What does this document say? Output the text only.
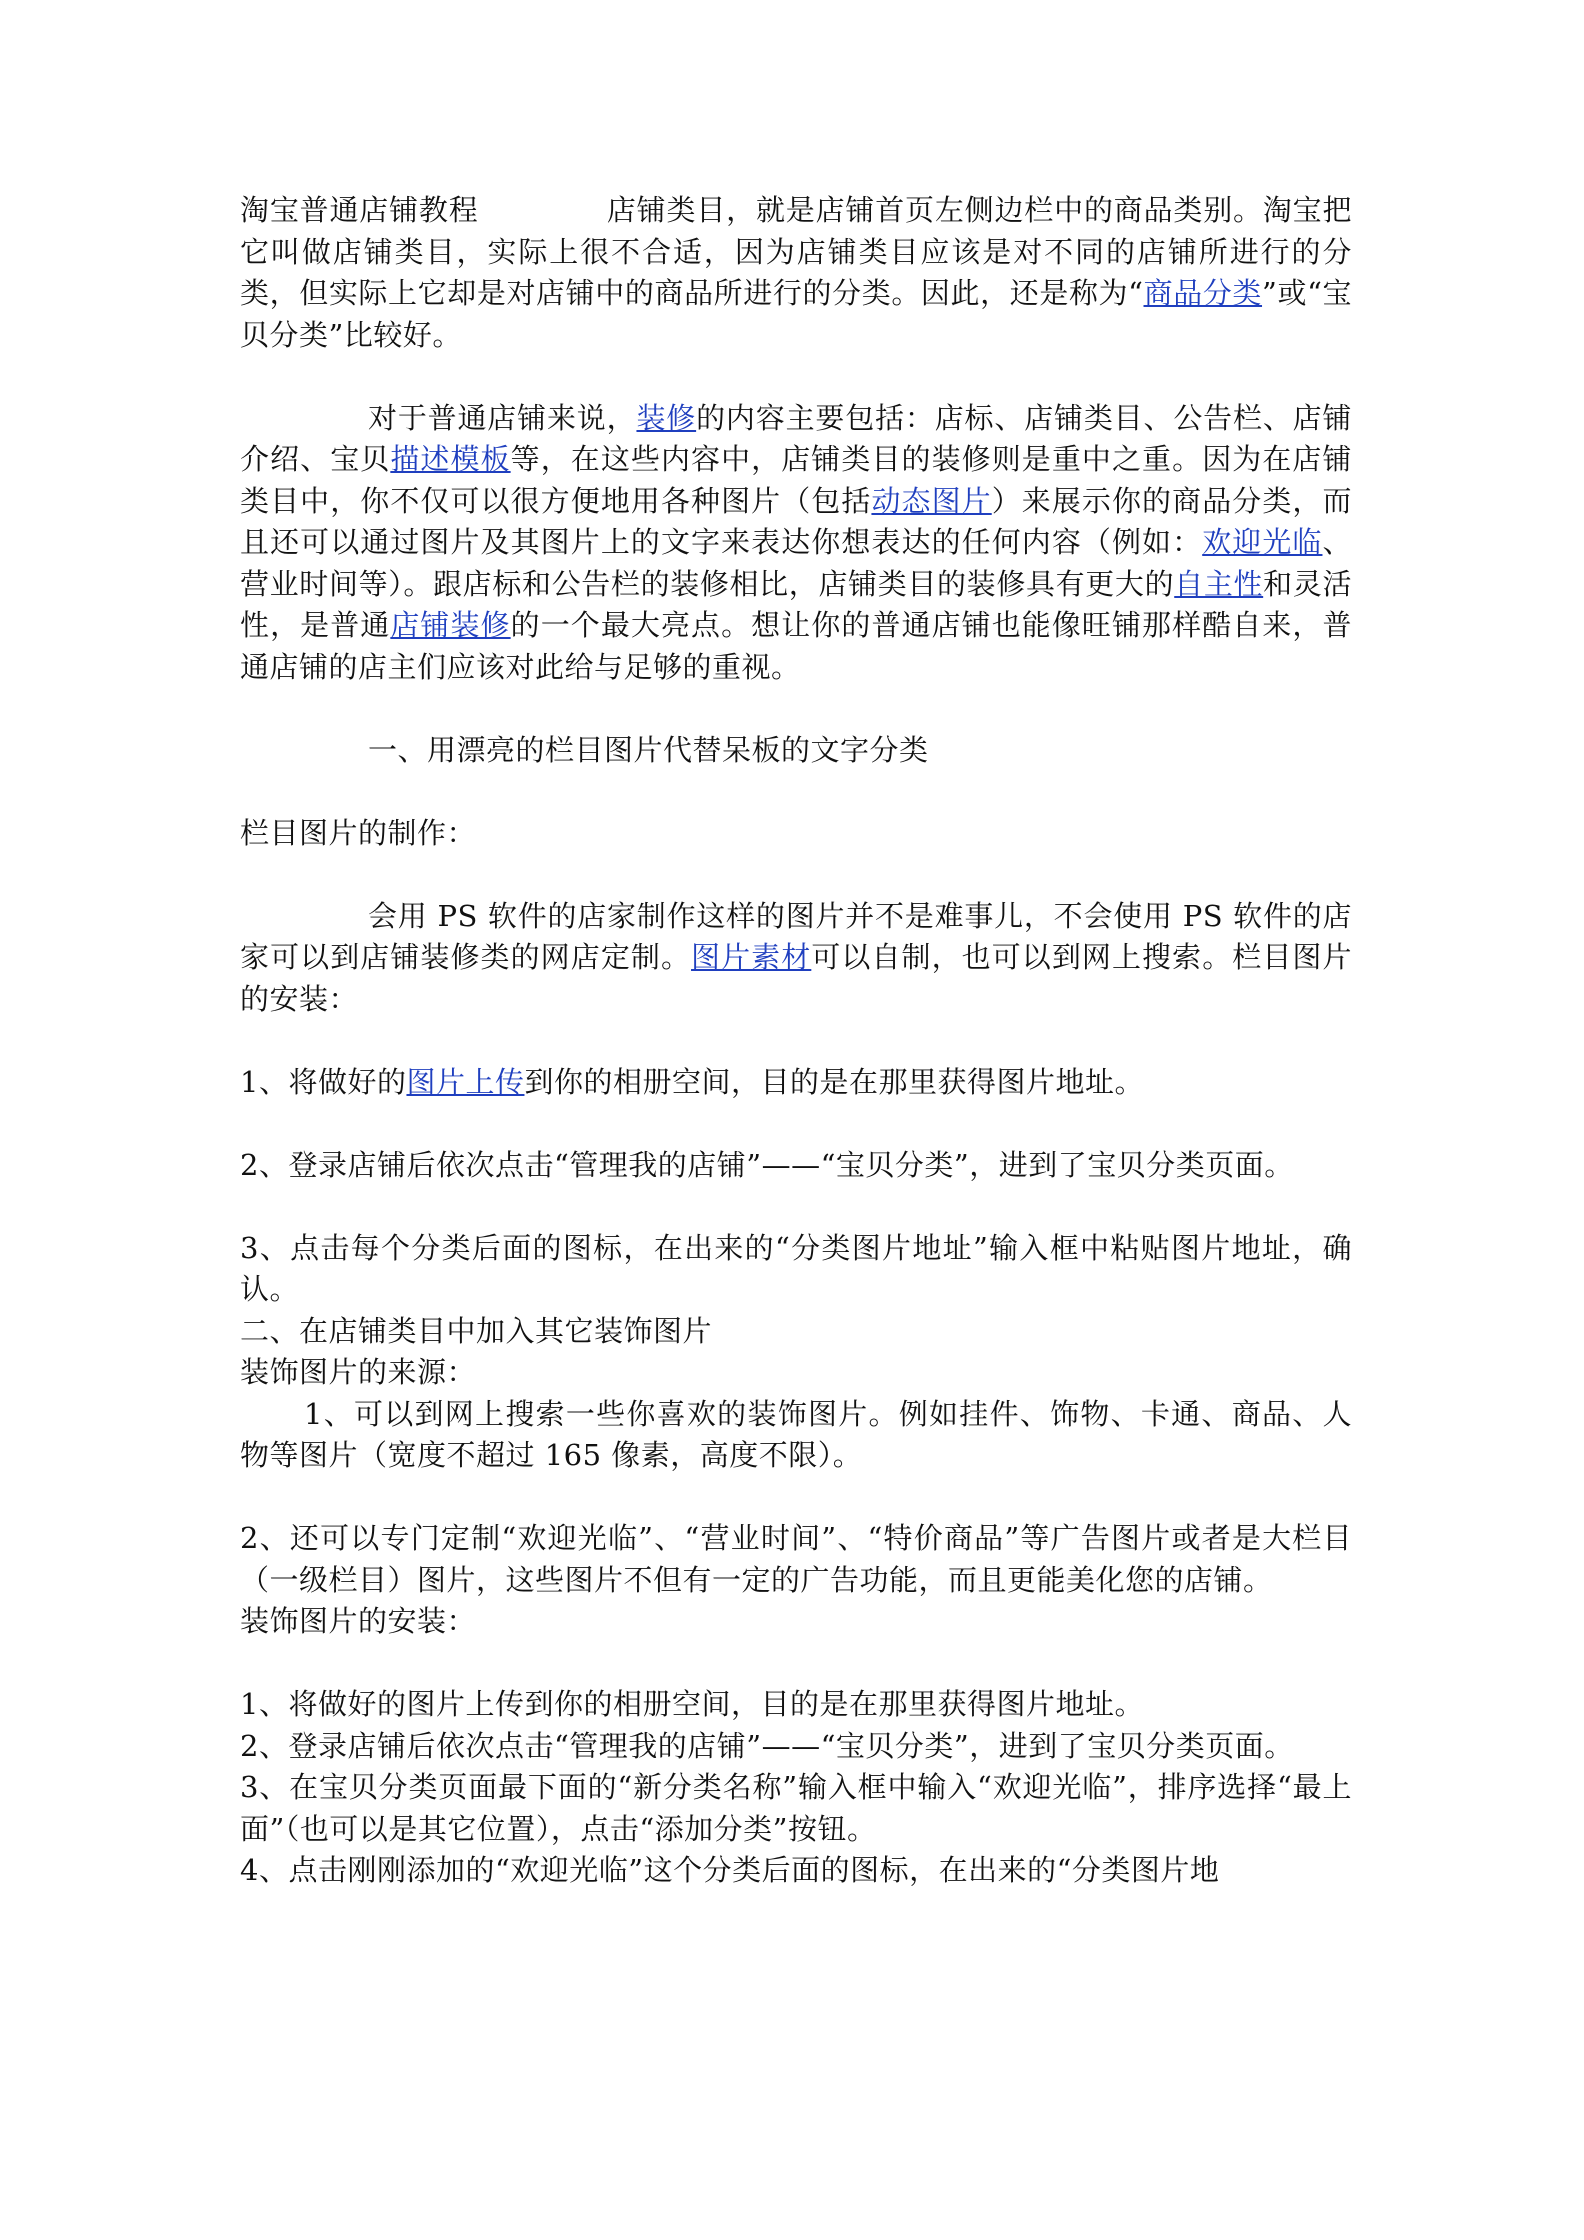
淘宝普通店铺教程	店铺类目，就是店铺首页左侧边栏中的商品类别。淘宝把它叫做店铺类目，实际上很不合适，因为店铺类目应该是对不同的店铺所进行的分类，但实际上它却是对店铺中的商品所进行的分类。因此，还是称为“商品分类”或“宝贝分类”比较好。

对于普通店铺来说，装修的内容主要包括：店标、店铺类目、公告栏、店铺介绍、宝贝描述模板等，在这些内容中，店铺类目的装修则是重中之重。因为在店铺类目中，你不仅可以很方便地用各种图片（包括动态图片）来展示你的商品分类，而且还可以通过图片及其图片上的文字来表达你想表达的任何内容（例如：欢迎光临、营业时间等）。跟店标和公告栏的装修相比，店铺类目的装修具有更大的自主性和灵活性，是普通店铺装修的一个最大亮点。想让你的普通店铺也能像旺铺那样酷自来，普通店铺的店主们应该对此给与足够的重视。

一、用漂亮的栏目图片代替呆板的文字分类

栏目图片的制作：

会用 PS 软件的店家制作这样的图片并不是难事儿，不会使用 PS 软件的店家可以到店铺装修类的网店定制。图片素材可以自制，也可以到网上搜索。栏目图片的安装：

1、将做好的图片上传到你的相册空间，目的是在那里获得图片地址。

2、登录店铺后依次点击“管理我的店铺”——“宝贝分类”，进到了宝贝分类页面。

3、点击每个分类后面的图标，在出来的“分类图片地址”输入框中粘贴图片地址，确认。

二、在店铺类目中加入其它装饰图片

装饰图片的来源：

1、可以到网上搜索一些你喜欢的装饰图片。例如挂件、饰物、卡通、商品、人物等图片（宽度不超过 165 像素，高度不限）。

2、还可以专门定制“欢迎光临”、“营业时间”、“特价商品”等广告图片或者是大栏目（一级栏目）图片，这些图片不但有一定的广告功能，而且更能美化您的店铺。

装饰图片的安装：

1、将做好的图片上传到你的相册空间，目的是在那里获得图片地址。

2、登录店铺后依次点击“管理我的店铺”——“宝贝分类”，进到了宝贝分类页面。

3、在宝贝分类页面最下面的“新分类名称”输入框中输入“欢迎光临”，排序选择“最上面”（也可以是其它位置），点击“添加分类”按钮。

4、点击刚刚添加的“欢迎光临”这个分类后面的图标，在出来的“分类图片地
